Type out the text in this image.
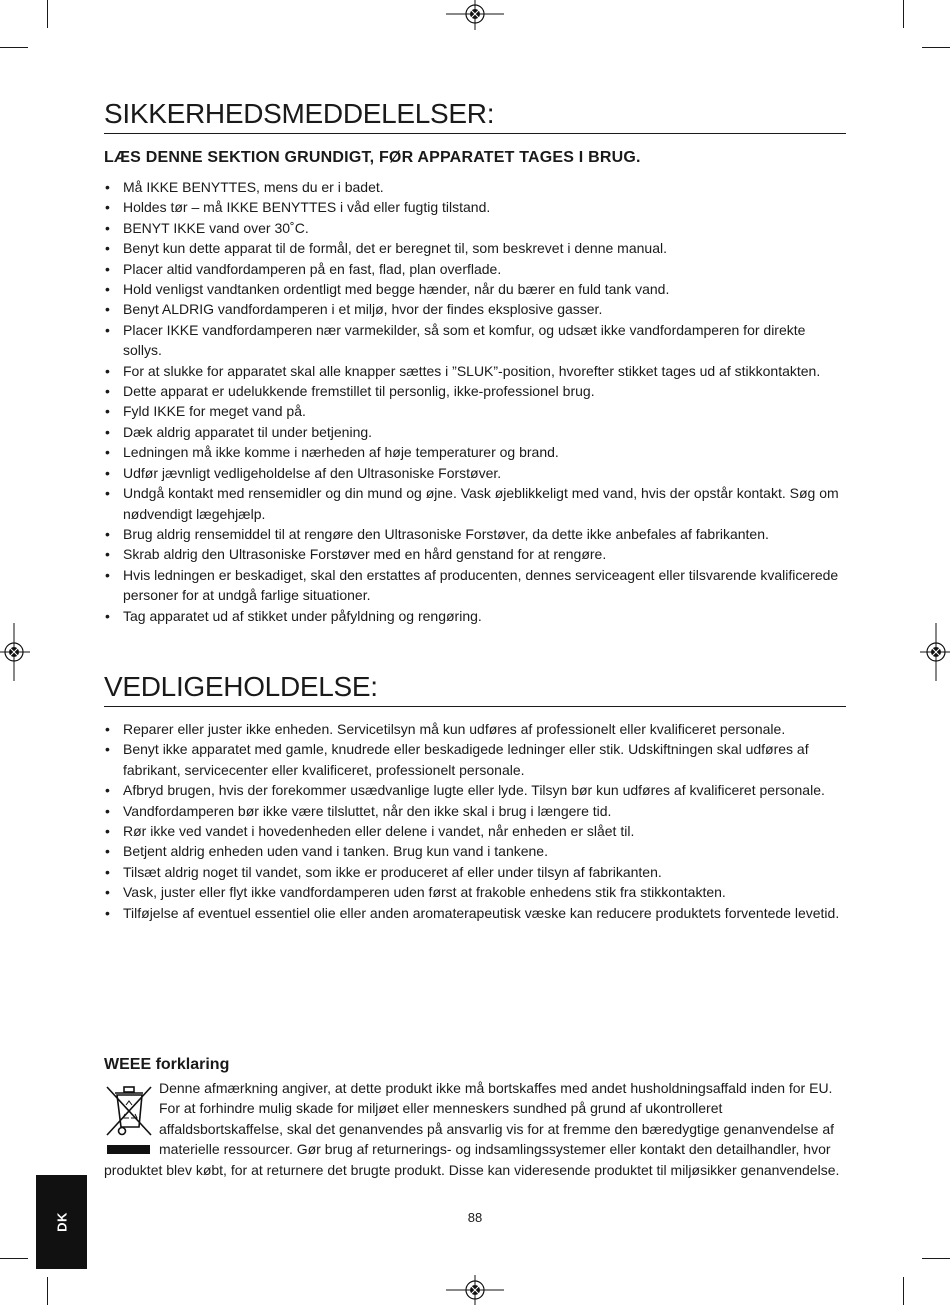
SIKKERHEDSMEDDELELSER:
LÆS DENNE SEKTION GRUNDIGT, FØR APPARATET TAGES I BRUG.
• Må IKKE BENYTTES, mens du er i badet.
• Holdes tør – må IKKE BENYTTES i våd eller fugtig tilstand.
• BENYT IKKE vand over 30˚C.
• Benyt kun dette apparat til de formål, det er beregnet til, som beskrevet i denne manual.
• Placer altid vandfordamperen på en fast, flad, plan overflade.
• Hold venligst vandtanken ordentligt med begge hænder, når du bærer en fuld tank vand.
• Benyt ALDRIG vandfordamperen i et miljø, hvor der findes eksplosive gasser.
• Placer IKKE vandfordamperen nær varmekilder, så som et komfur, og udsæt ikke vandfordamperen for direkte sollys.
• For at slukke for apparatet skal alle knapper sættes i ”SLUK”-position, hvorefter stikket tages ud af stikkontakten.
• Dette apparat er udelukkende fremstillet til personlig, ikke-professionel brug.
• Fyld IKKE for meget vand på.
• Dæk aldrig apparatet til under betjening.
• Ledningen må ikke komme i nærheden af høje temperaturer og brand.
• Udfør jævnligt vedligeholdelse af den Ultrasoniske Forstøver.
• Undgå kontakt med rensemidler og din mund og øjne. Vask øjeblikkeligt med vand, hvis der opstår kontakt. Søg om nødvendigt lægehjælp.
• Brug aldrig rensemiddel til at rengøre den Ultrasoniske Forstøver, da dette ikke anbefales af fabrikanten.
• Skrab aldrig den Ultrasoniske Forstøver med en hård genstand for at rengøre.
• Hvis ledningen er beskadiget, skal den erstattes af producenten, dennes serviceagent eller tilsvarende kvalificerede personer for at undgå farlige situationer.
• Tag apparatet ud af stikket under påfyldning og rengøring.
VEDLIGEHOLDELSE:
• Reparer eller juster ikke enheden. Servicetilsyn må kun udføres af professionelt eller kvalificeret personale.
• Benyt ikke apparatet med gamle, knudrede eller beskadigede ledninger eller stik. Udskiftningen skal udføres af fabrikant, servicecenter eller kvalificeret, professionelt personale.
• Afbryd brugen, hvis der forekommer usædvanlige lugte eller lyde. Tilsyn bør kun udføres af kvalificeret personale.
• Vandfordamperen bør ikke være tilsluttet, når den ikke skal i brug i længere tid.
• Rør ikke ved vandet i hovedenheden eller delene i vandet, når enheden er slået til.
• Betjent aldrig enheden uden vand i tanken. Brug kun vand i tankene.
• Tilsæt aldrig noget til vandet, som ikke er produceret af eller under tilsyn af fabrikanten.
• Vask, juster eller flyt ikke vandfordamperen uden først at frakoble enhedens stik fra stikkontakten.
• Tilføjelse af eventuel essentiel olie eller anden aromaterapeutisk væske kan reducere produktets forventede levetid.
WEEE forklaring

Denne afmærkning angiver, at dette produkt ikke må bortskaffes med andet husholdningsaffald inden for EU. For at forhindre mulig skade for miljøet eller menneskers sundhed på grund af ukontrolleret affaldsbortskaffelse, skal det genanvendes på ansvarlig vis for at fremme den bæredygtige genanvendelse af materielle ressourcer. Gør brug af returnerings- og indsamlingssystemer eller kontakt den detailhandler, hvor produktet blev købt, for at returnere det brugte produkt. Disse kan videresende produktet til miljøsikker genanvendelse.

88
DK
